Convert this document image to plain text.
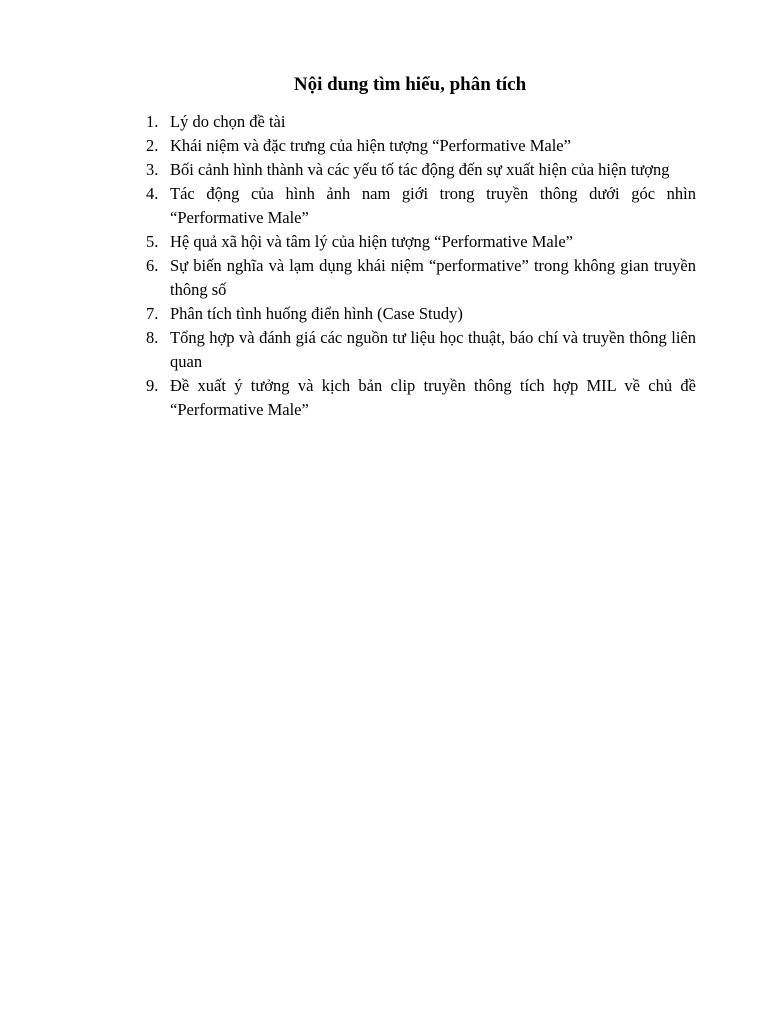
Nội dung tìm hiểu, phân tích
1. Lý do chọn đề tài
2. Khái niệm và đặc trưng của hiện tượng “Performative Male”
3. Bối cảnh hình thành và các yếu tố tác động đến sự xuất hiện của hiện tượng
4. Tác động của hình ảnh nam giới trong truyền thông dưới góc nhìn “Performative Male”
5. Hệ quả xã hội và tâm lý của hiện tượng “Performative Male”
6. Sự biến nghĩa và lạm dụng khái niệm “performative” trong không gian truyền thông số
7. Phân tích tình huống điển hình (Case Study)
8. Tổng hợp và đánh giá các nguồn tư liệu học thuật, báo chí và truyền thông liên quan
9. Đề xuất ý tưởng và kịch bản clip truyền thông tích hợp MIL về chủ đề “Performative Male”
